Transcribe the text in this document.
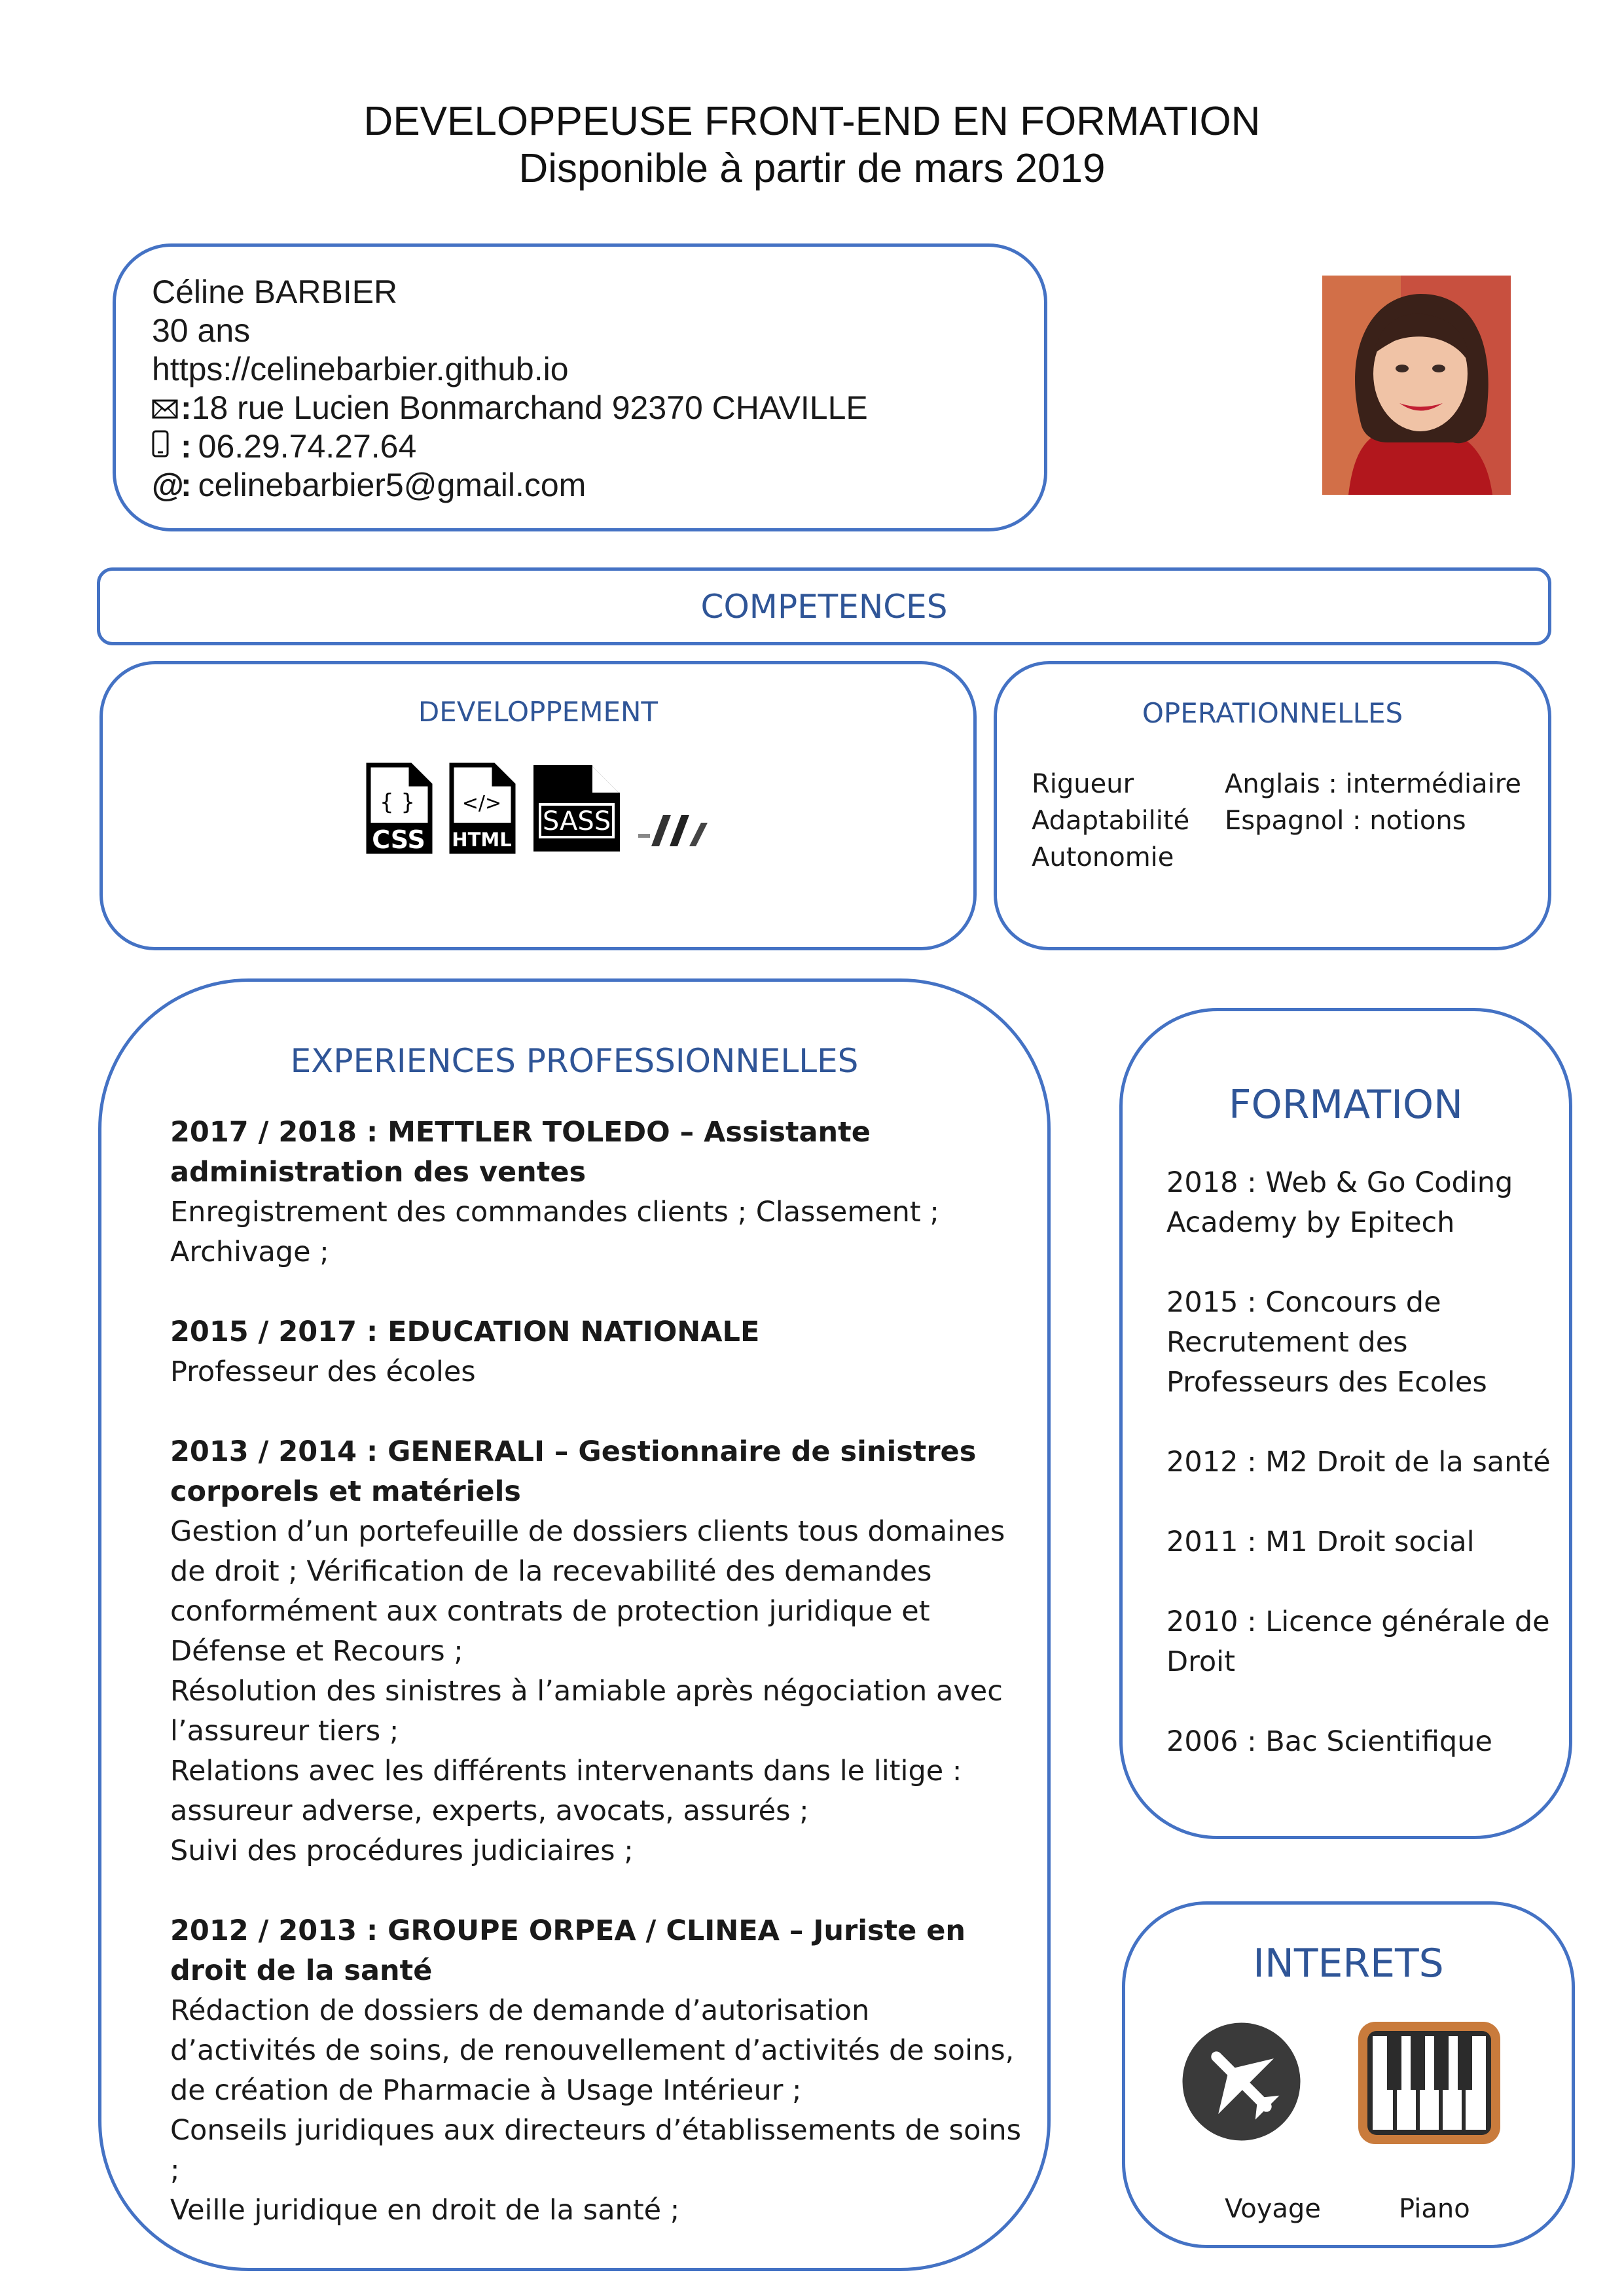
DEVELOPPEUSE FRONT-END EN FORMATION
Disponible à partir de mars 2019
Céline BARBIER
30 ans
https://celinebarbier.github.io
: 18 rue Lucien Bonmarchand 92370 CHAVILLE
: 06.29.74.27.64
@
: celinebarbier5@gmail.com
COMPETENCES
DEVELOPPEMENT
{ }
CSS
</>
HTML
SASS
OPERATIONNELLES
Rigueur
Adaptabilité
Autonomie
Anglais : intermédiaire
Espagnol : notions
EXPERIENCES PROFESSIONNELLES
2017 / 2018 : METTLER TOLEDO – Assistante administration des ventes
Enregistrement des commandes clients ; Classement ; Archivage ;
2015 / 2017 : EDUCATION NATIONALE
Professeur des écoles
2013 / 2014 : GENERALI – Gestionnaire de sinistres corporels et matériels
Gestion d’un portefeuille de dossiers clients tous domaines de droit ; Vérification de la recevabilité des demandes conformément aux contrats de protection juridique et Défense et Recours ;
Résolution des sinistres à l’amiable après négociation avec l’assureur tiers ;
Relations avec les différents intervenants dans le litige : assureur adverse, experts, avocats, assurés ;
Suivi des procédures judiciaires ;
2012 / 2013 : GROUPE ORPEA / CLINEA – Juriste en droit de la santé
Rédaction de dossiers de demande d’autorisation d’activités de soins, de renouvellement d’activités de soins, de création de Pharmacie à Usage Intérieur ;
Conseils juridiques aux directeurs d’établissements de soins ;
Veille juridique en droit de la santé ;
FORMATION
2018 : Web & Go Coding Academy by Epitech
2015 : Concours de Recrutement des Professeurs des Ecoles
2012 : M2 Droit de la santé
2011 : M1 Droit social
2010 : Licence générale de Droit
2006 : Bac Scientifique
INTERETS
Voyage	Piano
